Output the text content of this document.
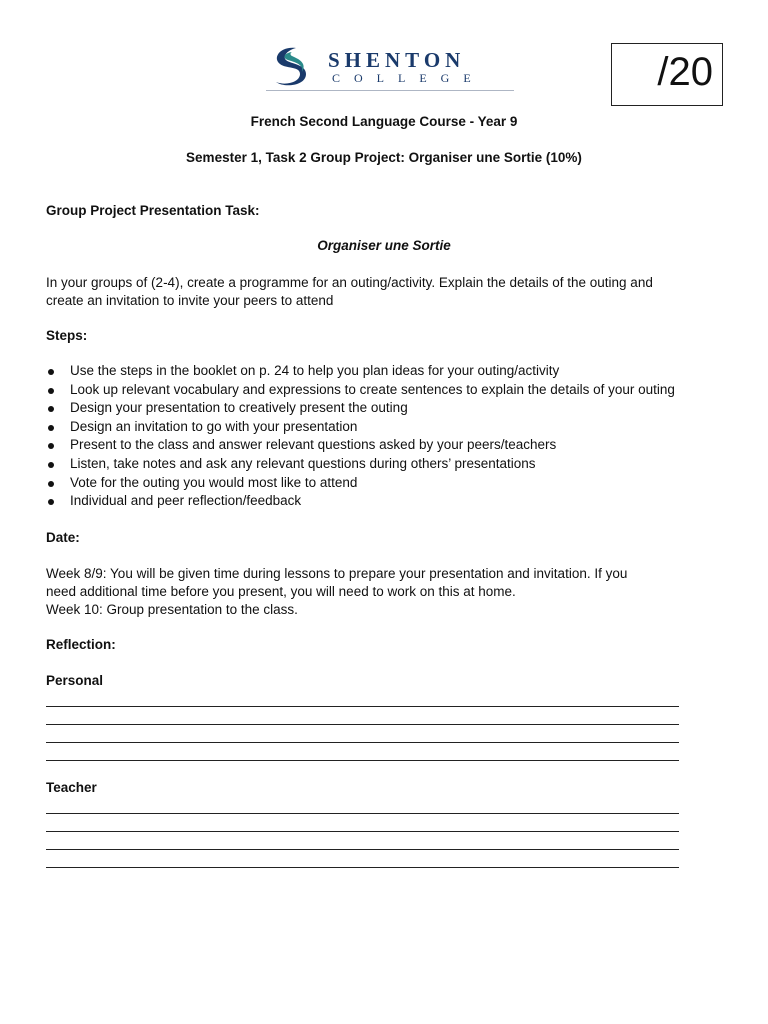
SHENTON
COLLEGE	/20
French Second Language Course - Year 9
Semester 1, Task 2 Group Project: Organiser une Sortie (10%)
Group Project Presentation Task:
Organiser une Sortie
In your groups of (2-4), create a programme for an outing/activity. Explain the details of the outing and
create an invitation to invite your peers to attend
Steps:
Use the steps in the booklet on p. 24 to help you plan ideas for your outing/activity
Look up relevant vocabulary and expressions to create sentences to explain the details of your outing
Design your presentation to creatively present the outing
Design an invitation to go with your presentation
Present to the class and answer relevant questions asked by your peers/teachers
Listen, take notes and ask any relevant questions during others’ presentations
Vote for the outing you would most like to attend
Individual and peer reflection/feedback
Date:
Week 8/9: You will be given time during lessons to prepare your presentation and invitation. If you
need additional time before you present, you will need to work on this at home.
Week 10: Group presentation to the class.
Reflection:
Personal
Teacher
